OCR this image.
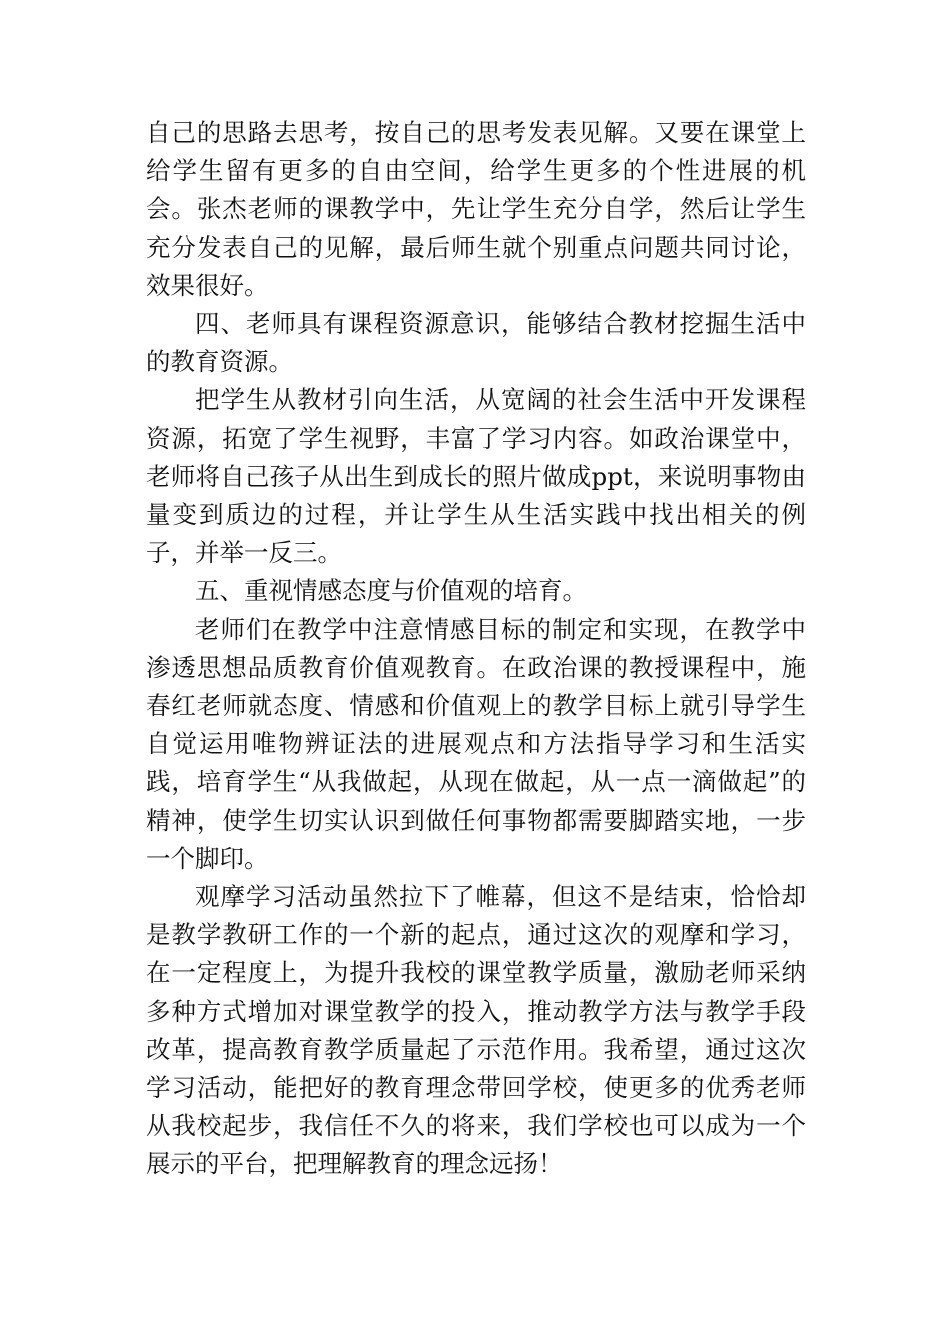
自己的思路去思考，按自己的思考发表见解。又要在课堂上给学生留有更多的自由空间，给学生更多的个性进展的机会。张杰老师的课教学中，先让学生充分自学，然后让学生充分发表自己的见解，最后师生就个别重点问题共同讨论，效果很好。

四、老师具有课程资源意识，能够结合教材挖掘生活中的教育资源。

把学生从教材引向生活，从宽阔的社会生活中开发课程资源，拓宽了学生视野，丰富了学习内容。如政治课堂中，老师将自己孩子从出生到成长的照片做成ppt，来说明事物由量变到质边的过程，并让学生从生活实践中找出相关的例子，并举一反三。

五、重视情感态度与价值观的培育。

老师们在教学中注意情感目标的制定和实现，在教学中渗透思想品质教育价值观教育。在政治课的教授课程中，施春红老师就态度、情感和价值观上的教学目标上就引导学生自觉运用唯物辨证法的进展观点和方法指导学习和生活实践，培育学生“从我做起，从现在做起，从一点一滴做起”的精神，使学生切实认识到做任何事物都需要脚踏实地，一步一个脚印。

观摩学习活动虽然拉下了帷幕，但这不是结束，恰恰却是教学教研工作的一个新的起点，通过这次的观摩和学习，在一定程度上，为提升我校的课堂教学质量，激励老师采纳多种方式增加对课堂教学的投入，推动教学方法与教学手段改革，提高教育教学质量起了示范作用。我希望，通过这次学习活动，能把好的教育理念带回学校，使更多的优秀老师从我校起步，我信任不久的将来，我们学校也可以成为一个展示的平台，把理解教育的理念远扬！
